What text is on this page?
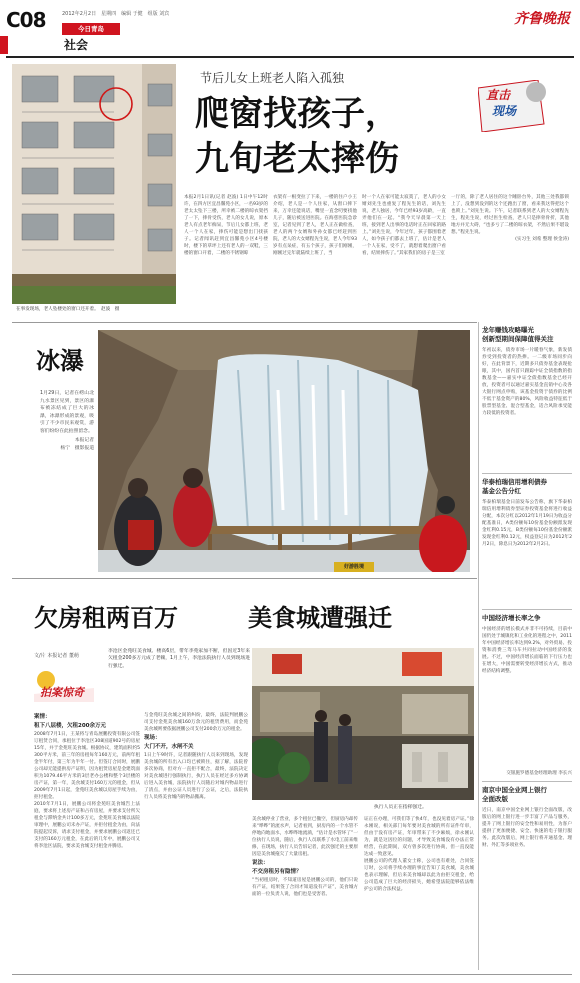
C08	2012年2月2日　星期四　编辑 于健　组版 刘宾
今日青岛
社会
齐鲁晚报
在事发现场，老人坠楼处的窗口还开着。　赵波　摄
节后儿女上班老人陷入孤独
爬窗找孩子，
九旬老太摔伤
直击
现场

本报2月1日讯(记者 赵波) 1日中午12时许，在四方区宜昌馨苑小区，一名93岁的老太太坠下三楼，所幸被二楼的晾衣架挡了一下，摔骨受伤，老人的女儿说，原本老人有点老年痴呆，节后儿女都上班，老人一个人在家，摔伤可能是想出门找孩子。记者闻讯赶到宜昌馨苑小区4号楼时，楼下的草坪上还有老人的一双鞋，三楼的窗口开着，二楼的不锈钢晾

衣架有一根变拉了下来，一楼的住户小王介绍，老人是一个人住家，从窗口摔下来，万幸还能说话，嘴里一直念叨要找他儿子，随后被送进医院。在海慈医院急诊室，记者见到了老人，老人正在做检查，老人的两个女婿和外孙女都已经赶到医院，老人的大女婿程先生说，老人今年93岁有点呆症，有五个孩子，孩子们刚刚，刚刚过完年就陆续上班了，当

时一个人在家可能太寂寞了，老人的小女婿刘先生也重复了程先生的话，刘先生说，老人独居，今年已经93岁高龄，一直弄他们在一起。“我今天早晨第一天上班，接到老人出事的电话时正在回家的路上。”刘先生说，今年过年，孩子都围着老人，如今孩子们都去上班了，估计是老人一个人在家，受不了，就想着爬出窗户看看，结果摔伤了。”其家我们的房子是三室

一厅的，除了老人居住的这个睡卧台外，其他三处我都锁上了，没想到没到的这个还跑出了窗，看来我这得把这个也锁上。”刘先生说。下午，记者联系到老人的大女婿程先生，程先生说，经过医生检查，老人只是摔骨骨折，其他地方并无大碍，“也多亏了二楼的晾衣架，不然后果不堪设想。”程先生说。

(实习生 刘希 整理 侯金涛)

冰瀑

1月29日，记者在崂山北九水景区见到，景区的瀑布被冻结成了巨大的冰瀑，冰瀑形成的景观，吸引了不少市民来观赏，游客们纷纷在此拍照留念。

本报记者

杨宁　摄影报道

好游胜境
欠房租两百万	美食城遭强迁
文/片 本报记者 董萌
拍案惊奇

李沧区金苑旺美食城、楼高6层，带年李苑家加不断，但因近3年来欠租金200多万元成了老赖，1月上午，李沧法院执行人员到现场进行强迁。

执行人员正在指挥强迁。

案情：

租下八层楼，欠租200余万元

2008年7月1日，王某将与青岛展鹏投资有限公司签订租赁合同，承租位于李沧区308国道902号的房屋15年，并于金苑旺美食城。根据协议，建筑面积约5300平方米，前三年的房租每年160万元，前两年租金半年付，第三年为半年一付。但签订合同时，展鹏公司却无能提供房产证明，因为租赁房屋是金建筑面积为1079.46平方米的3层老办公楼和整个3层楼的房产证，第一年，美食城支付160万元的租金，但从2009年7月1日起，金苑旺美食城以房屋手续为由，拒付租金。

2010年7月1日，展鹏公司将金苑旺美食城告上法庭，要求将上述房产证和占有房屋，并要求支付所欠租金与滞纳金共计100多万元，金苑旺美食城以法院审理中，展鹏公司未办产证，并拒付租金为由，向法院提起反诉，请求支付租金，并要求展鹏公司返还已支付的160万元租金，在此后的几年中，展鹏公司又将李沧区法院，要求美食城支付租金并腾房。

与金苑旺美食城之间的纠纷，最终，法院判展鹏公司支付金苑美食城160万余元的租赁费用，而金苑美食城则要依据展鹏公司支付200余万元的租金。

现场：

大门不开，水闸不关

1日上午9时许，记者跟随执行人员来到现场，发现美食城的所有出入口均已被锁住，据了解，法院曾多次协商，但对方一直拒不配合，最终，法院决定对美食城进行强制执行，执行人员在经过多方协调后进入美食城，法院执行人员随后对城内物品进行了清点，并由公证人员进行了公证，之后，法院执行人员将美食城内的物品搬离。

美食城停业了营业，多个租位已撤空，但厨房内却传来“哗哗”的流水声，记者看到，厨房内的一个水管不停地向地面水，水哗哗地流淌，“估计是水管坏了”一位执行人员说，随后，执行人员联系了水电工前来维修，在现场，执行人员告诉记者，此次强迁的主要原因是美食城拖欠了大量房租。

说法：

不交房租另有隐情？

“当初租房时，不知道房屋是展鹏公司的，他们只说有产证，结果签了合同才知道没有产证”，美食城方面的一位负责人说，他们也是受害者。

证正在办理，可我们等了快4年，也没见着房产证。”徐永刚说，相关部门每年要对美食城的所有证件年审，但由于没有房产证，年审带来了不少麻烦，徐永刚认为，就是这因位的问题，才导致美食城没有办法正常经营，在此期间，双方曾多次进行协商，但一直没能达成一致意见。

展鹏公司的代理人董女士称，公司也有难处，合同签订时，公司将手续办理的事宜告知了美食城，美食城也表示理解，但后来美食城却以此为由拒交租金，给公司造成了巨大的经济损失，她希望法院能够依法维护公司的合法权益。

龙年赚钱攻略曝光
创新型期间保障值得关注
年初以来，债券市场一片暖春气象，新发债券受到投资者的热捧。一二级市场同步向好，在此背景下，近期多只债券基金表现抢眼，其中，国内首只跟踪中证全债指数的指数基金——嘉实中证全债指数基金已经开放，投资者可以通过嘉实基金直销中心及各大银行网点申购，该基金投资于债券的比例不低于基金资产的80%，风险收益特征低于股票型基金、混合型基金，适合风险承受能力较低的投资者。
华泰柏瑞信用增利债券
基金公告分红
华泰柏瑞基金日前发布公告称，旗下华泰柏瑞信用增利债券型证券投资基金将进行收益分配，本次分红以2012年1月19日为收益分配基准日，A类份额每10份基金份额派发现金红利0.15元，B类份额每10份基金份额派发现金红利0.12元，权益登记日为2012年2月2日，除息日为2012年2月2日。
中国经济增长率之争
中国经济的增长模式并非不可持续，目前中国仍处于城镇化和工业化的进程之中，2011年中国经济增长率达到9.2%，对外贸易、投资和消费三驾马车共同拉动中国经济的发展。不过，中国经济增长面临的下行压力也在增大，中国需要转变经济增长方式，推动经济结构调整。
交银施罗德基金经理助理 李长兴
南京中国全业网上银行
全面改版
近日，南京中国全业网上银行全面改版，改版后的网上银行进一步丰富了产品与服务，提升了网上银行的安全性和易用性，为客户提供了更加便捷、安全、快速的电子银行服务。此次改版后，网上银行将开通基金、理财、外汇等多项业务。
